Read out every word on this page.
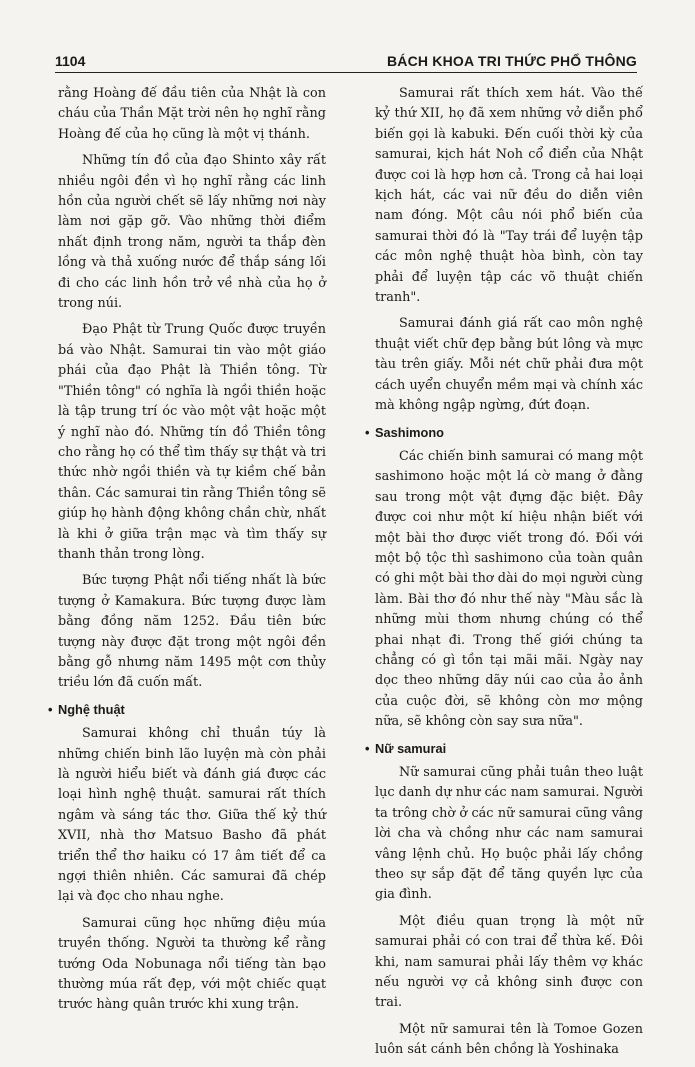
1104	BÁCH KHOA TRI THỨC PHỔ THÔNG

rằng Hoàng đế đầu tiên của Nhật là con cháu của Thần Mặt trời nên họ nghĩ rằng Hoàng đế của họ cũng là một vị thánh.

Những tín đồ của đạo Shinto xây rất nhiều ngôi đền vì họ nghĩ rằng các linh hồn của người chết sẽ lấy những nơi này làm nơi gặp gỡ. Vào những thời điểm nhất định trong năm, người ta thắp đèn lồng và thả xuống nước để thắp sáng lối đi cho các linh hồn trở về nhà của họ ở trong núi.

Đạo Phật từ Trung Quốc được truyền bá vào Nhật. Samurai tin vào một giáo phái của đạo Phật là Thiền tông. Từ "Thiền tông" có nghĩa là ngồi thiền hoặc là tập trung trí óc vào một vật hoặc một ý nghĩ nào đó. Những tín đồ Thiền tông cho rằng họ có thể tìm thấy sự thật và tri thức nhờ ngồi thiền và tự kiềm chế bản thân. Các samurai tin rằng Thiền tông sẽ giúp họ hành động không chần chừ, nhất là khi ở giữa trận mạc và tìm thấy sự thanh thản trong lòng.

Bức tượng Phật nổi tiếng nhất là bức tượng ở Kamakura. Bức tượng được làm bằng đồng năm 1252. Đầu tiên bức tượng này được đặt trong một ngôi đền bằng gỗ nhưng năm 1495 một cơn thủy triều lớn đã cuốn mất.

• Nghệ thuật

Samurai không chỉ thuần túy là những chiến binh lão luyện mà còn phải là người hiểu biết và đánh giá được các loại hình nghệ thuật. samurai rất thích ngâm và sáng tác thơ. Giữa thế kỷ thứ XVII, nhà thơ Matsuo Basho đã phát triển thể thơ haiku có 17 âm tiết để ca ngợi thiên nhiên. Các samurai đã chép lại và đọc cho nhau nghe.

Samurai cũng học những điệu múa truyền thống. Người ta thường kể rằng tướng Oda Nobunaga nổi tiếng tàn bạo thường múa rất đẹp, với một chiếc quạt trước hàng quân trước khi xung trận.

Samurai rất thích xem hát. Vào thế kỷ thứ XII, họ đã xem những vở diễn phổ biến gọi là kabuki. Đến cuối thời kỳ của samurai, kịch hát Noh cổ điển của Nhật được coi là hợp hơn cả. Trong cả hai loại kịch hát, các vai nữ đều do diễn viên nam đóng. Một câu nói phổ biến của samurai thời đó là "Tay trái để luyện tập các môn nghệ thuật hòa bình, còn tay phải để luyện tập các võ thuật chiến tranh".

Samurai đánh giá rất cao môn nghệ thuật viết chữ đẹp bằng bút lông và mực tàu trên giấy. Mỗi nét chữ phải đưa một cách uyển chuyển mềm mại và chính xác mà không ngập ngừng, đứt đoạn.

• Sashimono

Các chiến binh samurai có mang một sashimono hoặc một lá cờ mang ở đằng sau trong một vật đựng đặc biệt. Đây được coi như một kí hiệu nhận biết với một bài thơ được viết trong đó. Đối với một bộ tộc thì sashimono của toàn quân có ghi một bài thơ dài do mọi người cùng làm. Bài thơ đó như thế này "Màu sắc là những mùi thơm nhưng chúng có thể phai nhạt đi. Trong thế giới chúng ta chẳng có gì tồn tại mãi mãi. Ngày nay dọc theo những dãy núi cao của ảo ảnh của cuộc đời, sẽ không còn mơ mộng nữa, sẽ không còn say sưa nữa".

• Nữ samurai

Nữ samurai cũng phải tuân theo luật lục danh dự như các nam samurai. Người ta trông chờ ở các nữ samurai cũng vâng lời cha và chồng như các nam samurai vâng lệnh chủ. Họ buộc phải lấy chồng theo sự sắp đặt để tăng quyền lực của gia đình.

Một điều quan trọng là một nữ samurai phải có con trai để thừa kế. Đôi khi, nam samurai phải lấy thêm vợ khác nếu người vợ cả không sinh được con trai.

Một nữ samurai tên là Tomoe Gozen luôn sát cánh bên chồng là Yoshinaka
